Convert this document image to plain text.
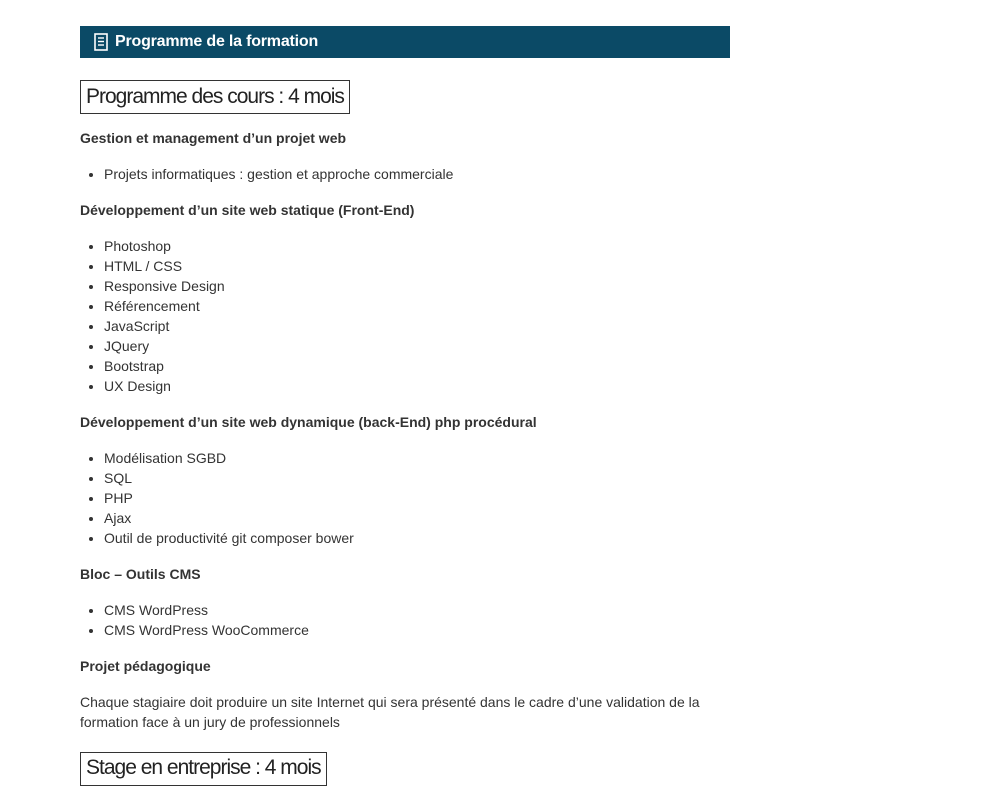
Programme de la formation
Programme des cours : 4 mois

Gestion et management d’un projet web

• Projets informatiques : gestion et approche commerciale

Développement d’un site web statique (Front-End)

• Photoshop
• HTML / CSS
• Responsive Design
• Référencement
• JavaScript
• JQuery
• Bootstrap
• UX Design

Développement d’un site web dynamique (back-End) php procédural

• Modélisation SGBD
• SQL
• PHP
• Ajax
• Outil de productivité git composer bower

Bloc – Outils CMS

• CMS WordPress
• CMS WordPress WooCommerce

Projet pédagogique

Chaque stagiaire doit produire un site Internet qui sera présenté dans le cadre d’une validation de la formation face à un jury de professionnels

Stage en entreprise : 4 mois
